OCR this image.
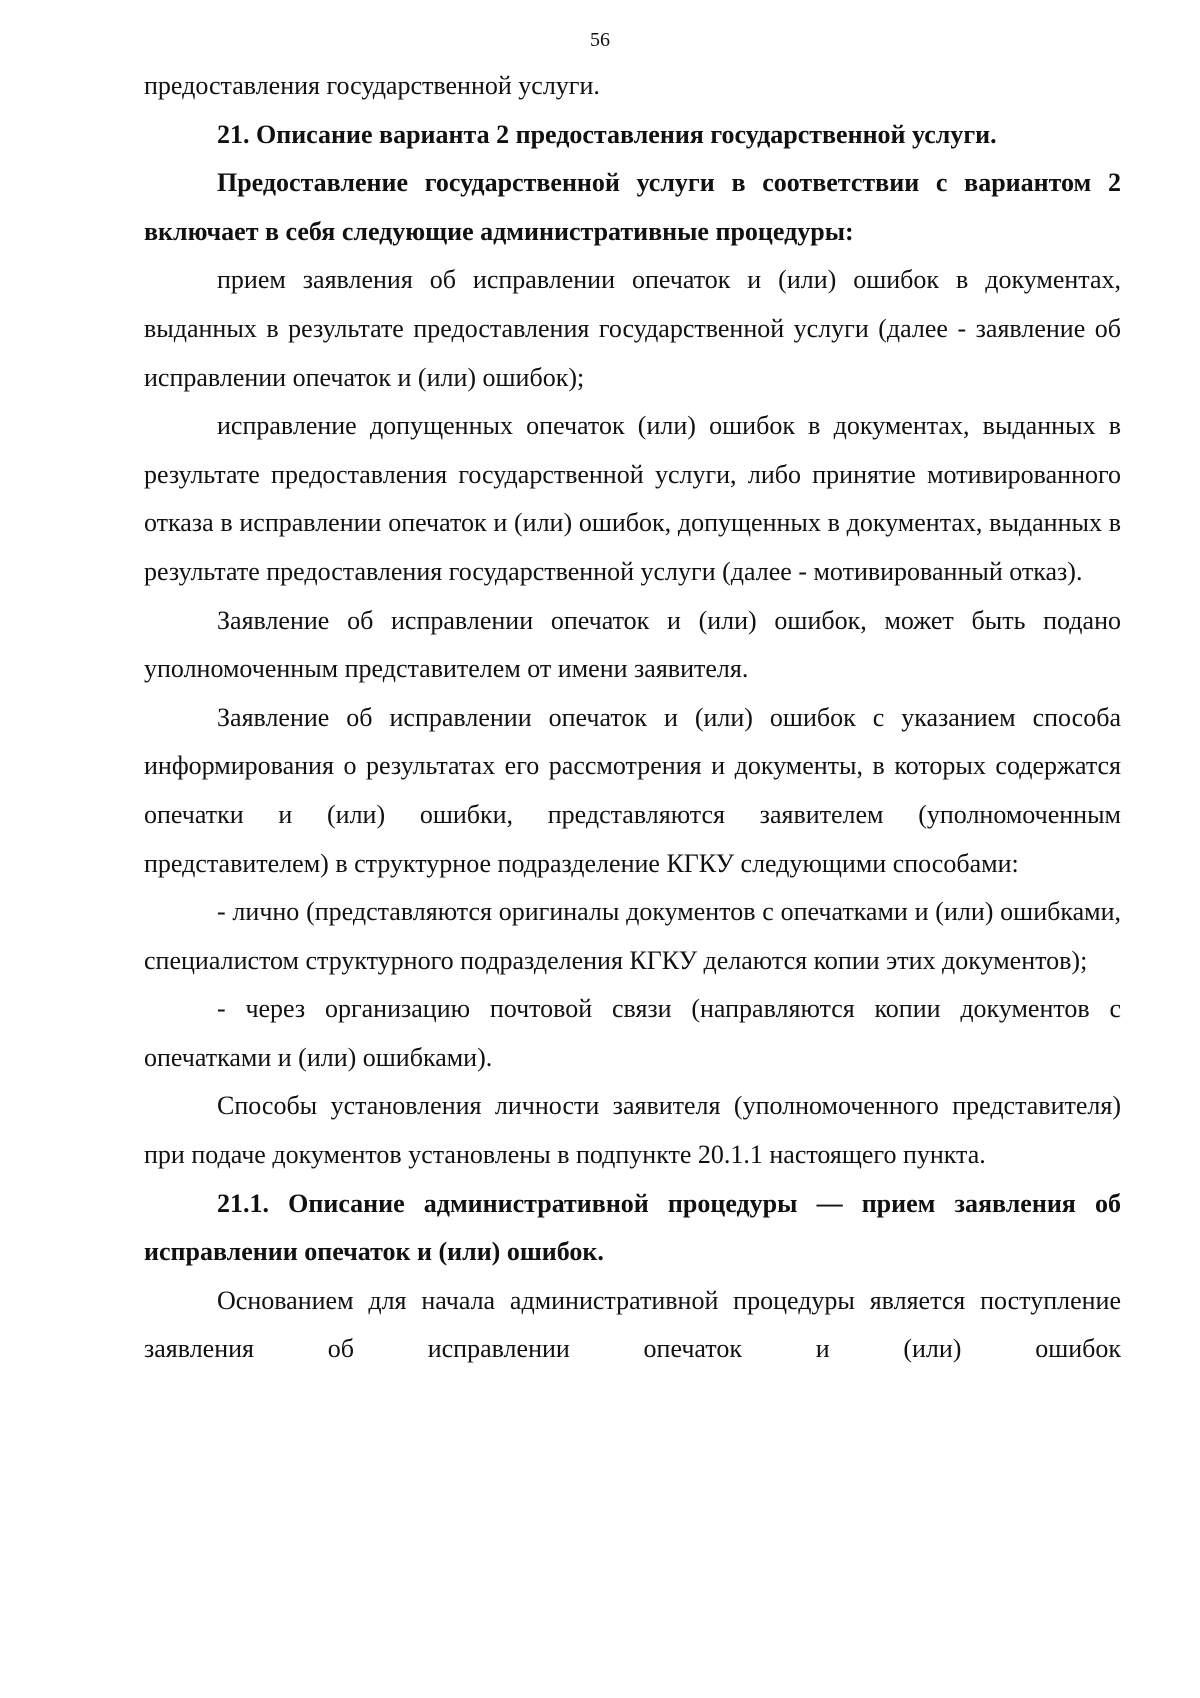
56

предоставления государственной услуги.

21. Описание варианта 2 предоставления государственной услуги.

Предоставление государственной услуги в соответствии с вариантом 2 включает в себя следующие административные процедуры:

прием заявления об исправлении опечаток и (или) ошибок в документах, выданных в результате предоставления государственной услуги (далее - заявление об исправлении опечаток и (или) ошибок);

исправление допущенных опечаток (или) ошибок в документах, выданных в результате предоставления государственной услуги, либо принятие мотивированного отказа в исправлении опечаток и (или) ошибок, допущенных в документах, выданных в результате предоставления государственной услуги (далее - мотивированный отказ).

Заявление об исправлении опечаток и (или) ошибок, может быть подано уполномоченным представителем от имени заявителя.

Заявление об исправлении опечаток и (или) ошибок с указанием способа информирования о результатах его рассмотрения и документы, в которых содержатся опечатки и (или) ошибки, представляются заявителем (уполномоченным представителем) в структурное подразделение КГКУ следующими способами:

- лично (представляются оригиналы документов с опечатками и (или) ошибками, специалистом структурного подразделения КГКУ делаются копии этих документов);

- через организацию почтовой связи (направляются копии документов с опечатками и (или) ошибками).

Способы установления личности заявителя (уполномоченного представителя) при подаче документов установлены в подпункте 20.1.1 настоящего пункта.

21.1. Описание административной процедуры — прием заявления об исправлении опечаток и (или) ошибок.

Основанием для начала административной процедуры является поступление заявления об исправлении опечаток и (или) ошибок
